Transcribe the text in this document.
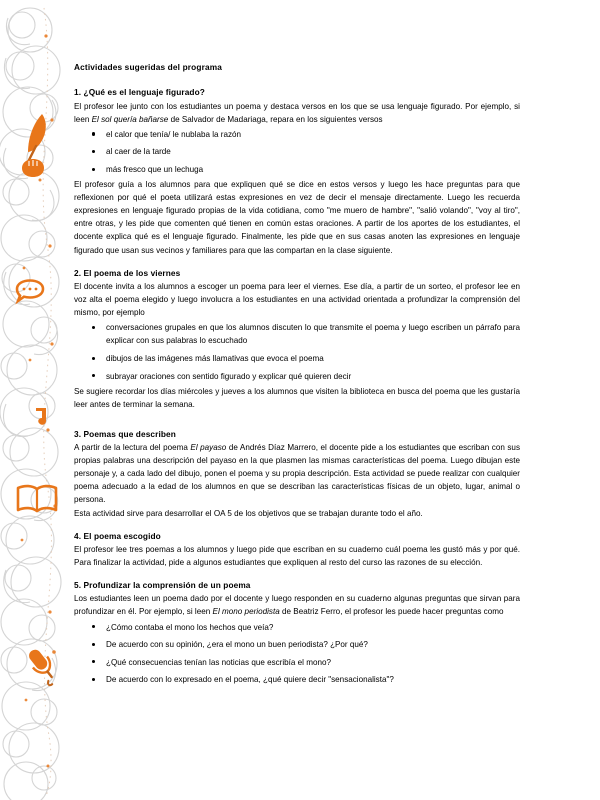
Actividades sugeridas del programa
1. ¿Qué es el lenguaje figurado?

El profesor lee junto con los estudiantes un poema y destaca versos en los que se usa lenguaje figurado. Por ejemplo, si leen El sol quería bañarse de Salvador de Madariaga, repara en los siguientes versos

el calor que tenía/ le nublaba la razón
al caer de la tarde
más fresco que un lechuga

El profesor guía a los alumnos para que expliquen qué se dice en estos versos y luego les hace preguntas para que reflexionen por qué el poeta utilizará estas expresiones en vez de decir el mensaje directamente. Luego les recuerda expresiones en lenguaje figurado propias de la vida cotidiana, como "me muero de hambre", "salió volando", "voy al tiro", entre otras, y les pide que comenten qué tienen en común estas oraciones. A partir de los aportes de los estudiantes, el docente explica qué es el lenguaje figurado. Finalmente, les pide que en sus casas anoten las expresiones en lenguaje figurado que usan sus vecinos y familiares para que las compartan en la clase siguiente.

2. El poema de los viernes

El docente invita a los alumnos a escoger un poema para leer el viernes. Ese día, a partir de un sorteo, el profesor lee en voz alta el poema elegido y luego involucra a los estudiantes en una actividad orientada a profundizar la comprensión del mismo, por ejemplo

conversaciones grupales en que los alumnos discuten lo que transmite el poema y luego escriben un párrafo para explicar con sus palabras lo escuchado
dibujos de las imágenes más llamativas que evoca el poema
subrayar oraciones con sentido figurado y explicar qué quieren decir

Se sugiere recordar los días miércoles y jueves a los alumnos que visiten la biblioteca en busca del poema que les gustaría leer antes de terminar la semana.

3. Poemas que describen

A partir de la lectura del poema El payaso de Andrés Díaz Marrero, el docente pide a los estudiantes que escriban con sus propias palabras una descripción del payaso en la que plasmen las mismas características del poema. Luego dibujan este personaje y, a cada lado del dibujo, ponen el poema y su propia descripción. Esta actividad se puede realizar con cualquier poema adecuado a la edad de los alumnos en que se describan las características físicas de un objeto, lugar, animal o persona.

Esta actividad sirve para desarrollar el OA 5 de los objetivos que se trabajan durante todo el año.

4. El poema escogido

El profesor lee tres poemas a los alumnos y luego pide que escriban en su cuaderno cuál poema les gustó más y por qué. Para finalizar la actividad, pide a algunos estudiantes que expliquen al resto del curso las razones de su elección.

5. Profundizar la comprensión de un poema

Los estudiantes leen un poema dado por el docente y luego responden en su cuaderno algunas preguntas que sirvan para profundizar en él. Por ejemplo, si leen El mono periodista de Beatriz Ferro, el profesor les puede hacer preguntas como

¿Cómo contaba el mono los hechos que veía?
De acuerdo con su opinión, ¿era el mono un buen periodista? ¿Por qué?
¿Qué consecuencias tenían las noticias que escribía el mono?
De acuerdo con lo expresado en el poema, ¿qué quiere decir "sensacionalista"?
